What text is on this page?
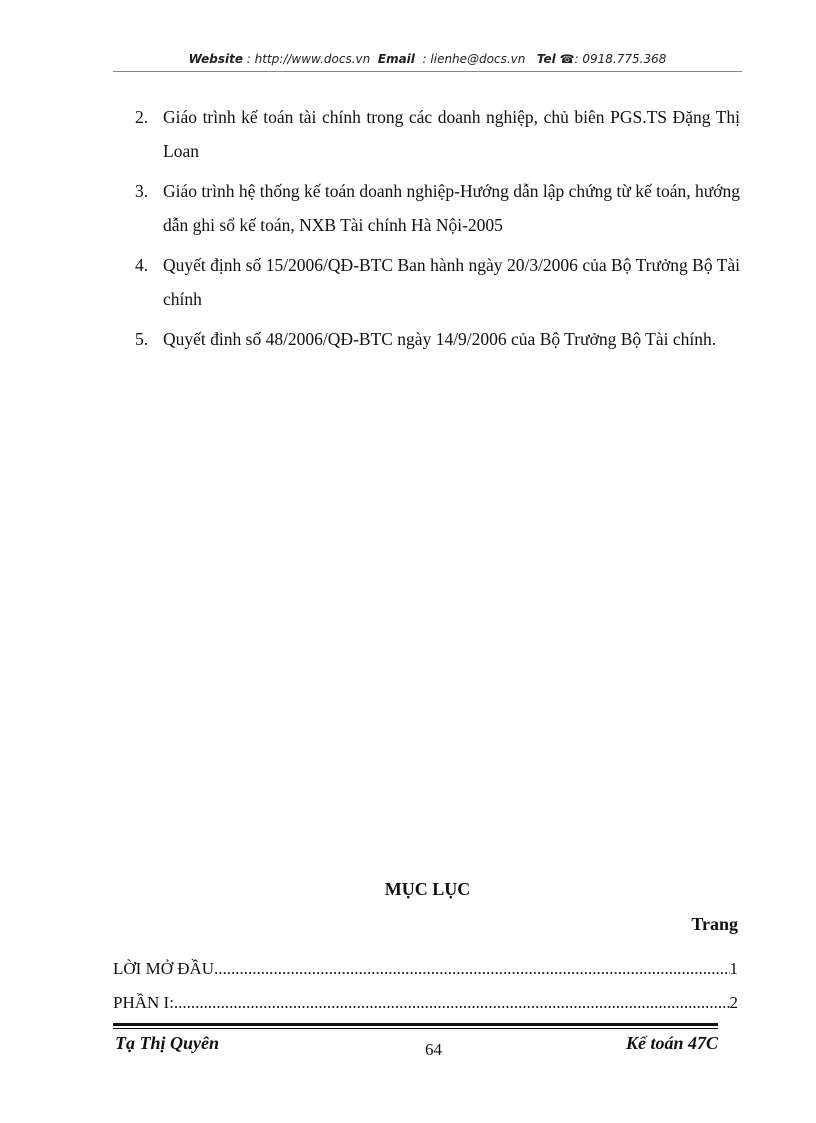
Website : http://www.docs.vn Email : lienhe@docs.vn Tel ☎: 0918.775.368
2. Giáo trình kế toán tài chính trong các doanh nghiệp, chủ biên PGS.TS Đặng Thị Loan
3. Giáo trình hệ thống kế toán doanh nghiệp-Hướng dẫn lập chứng từ kế toán, hướng dẫn ghi sổ kế toán, NXB Tài chính Hà Nội-2005
4. Quyết định số 15/2006/QĐ-BTC Ban hành ngày 20/3/2006 của Bộ Trưởng Bộ Tài chính
5. Quyết đinh số 48/2006/QĐ-BTC ngày 14/9/2006 của Bộ Trưởng Bộ Tài chính.
MỤC LỤC
Trang
LỜI MỞ ĐẦU .....	1
PHẦN I: .....	2
Tạ Thị Quyên	64	Kế toán 47C
